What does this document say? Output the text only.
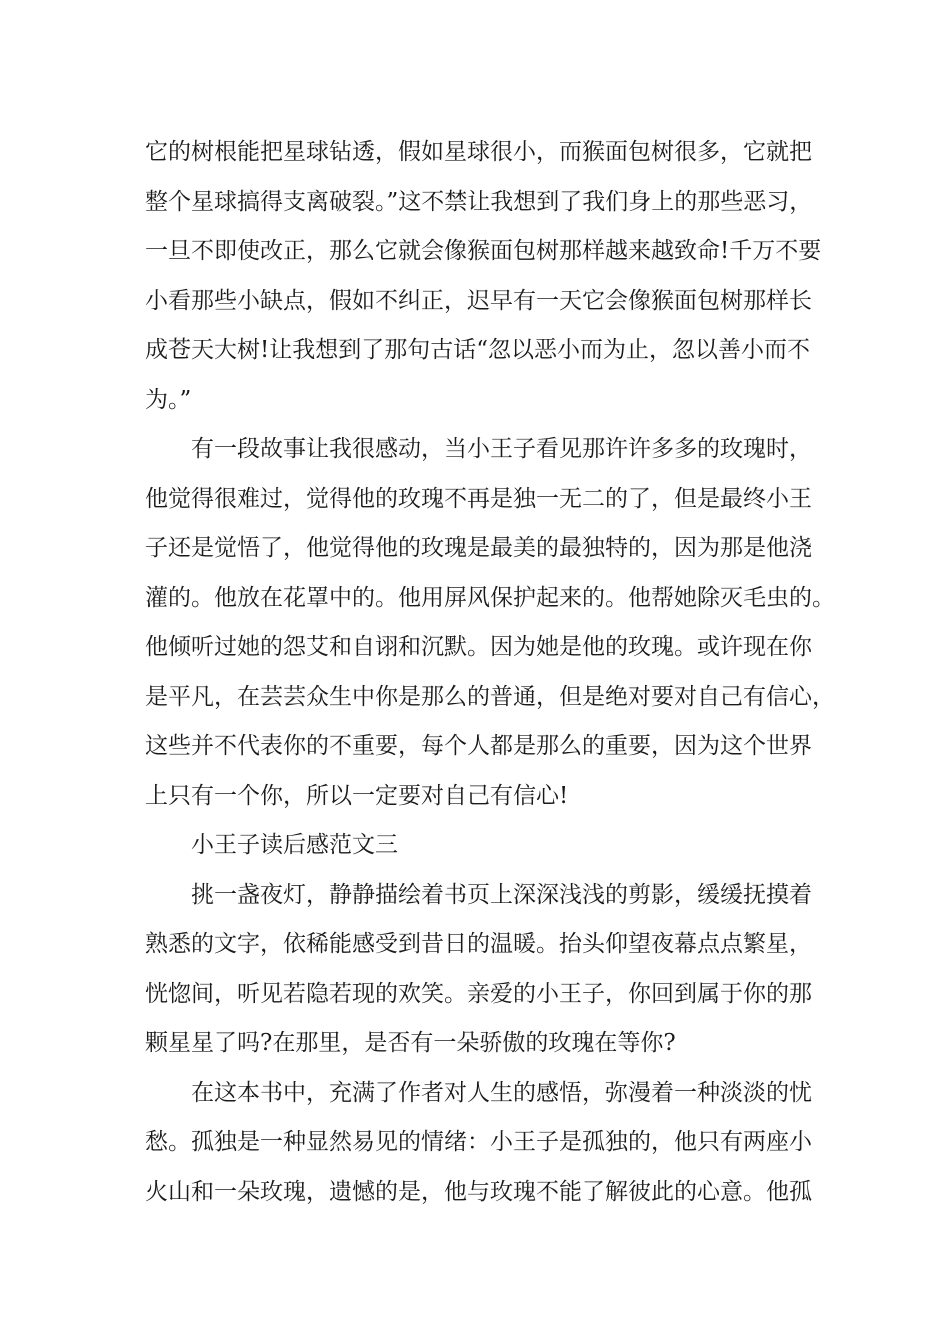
它的树根能把星球钻透，假如星球很小，而猴面包树很多，它就把
整个星球搞得支离破裂。”这不禁让我想到了我们身上的那些恶习，
一旦不即使改正，那么它就会像猴面包树那样越来越致命!千万不要
小看那些小缺点，假如不纠正，迟早有一天它会像猴面包树那样长
成苍天大树!让我想到了那句古话“忽以恶小而为止，忽以善小而不
为。”
有一段故事让我很感动，当小王子看见那许许多多的玫瑰时，
他觉得很难过，觉得他的玫瑰不再是独一无二的了，但是最终小王
子还是觉悟了，他觉得他的玫瑰是最美的最独特的，因为那是他浇
灌的。他放在花罩中的。他用屏风保护起来的。他帮她除灭毛虫的。
他倾听过她的怨艾和自诩和沉默。因为她是他的玫瑰。或许现在你
是平凡，在芸芸众生中你是那么的普通，但是绝对要对自己有信心，
这些并不代表你的不重要，每个人都是那么的重要，因为这个世界
上只有一个你，所以一定要对自己有信心!
小王子读后感范文三
挑一盏夜灯，静静描绘着书页上深深浅浅的剪影，缓缓抚摸着
熟悉的文字，依稀能感受到昔日的温暖。抬头仰望夜幕点点繁星，
恍惚间，听见若隐若现的欢笑。亲爱的小王子，你回到属于你的那
颗星星了吗?在那里，是否有一朵骄傲的玫瑰在等你?
在这本书中，充满了作者对人生的感悟，弥漫着一种淡淡的忧
愁。孤独是一种显然易见的情绪：小王子是孤独的，他只有两座小
火山和一朵玫瑰，遗憾的是，他与玫瑰不能了解彼此的心意。他孤
